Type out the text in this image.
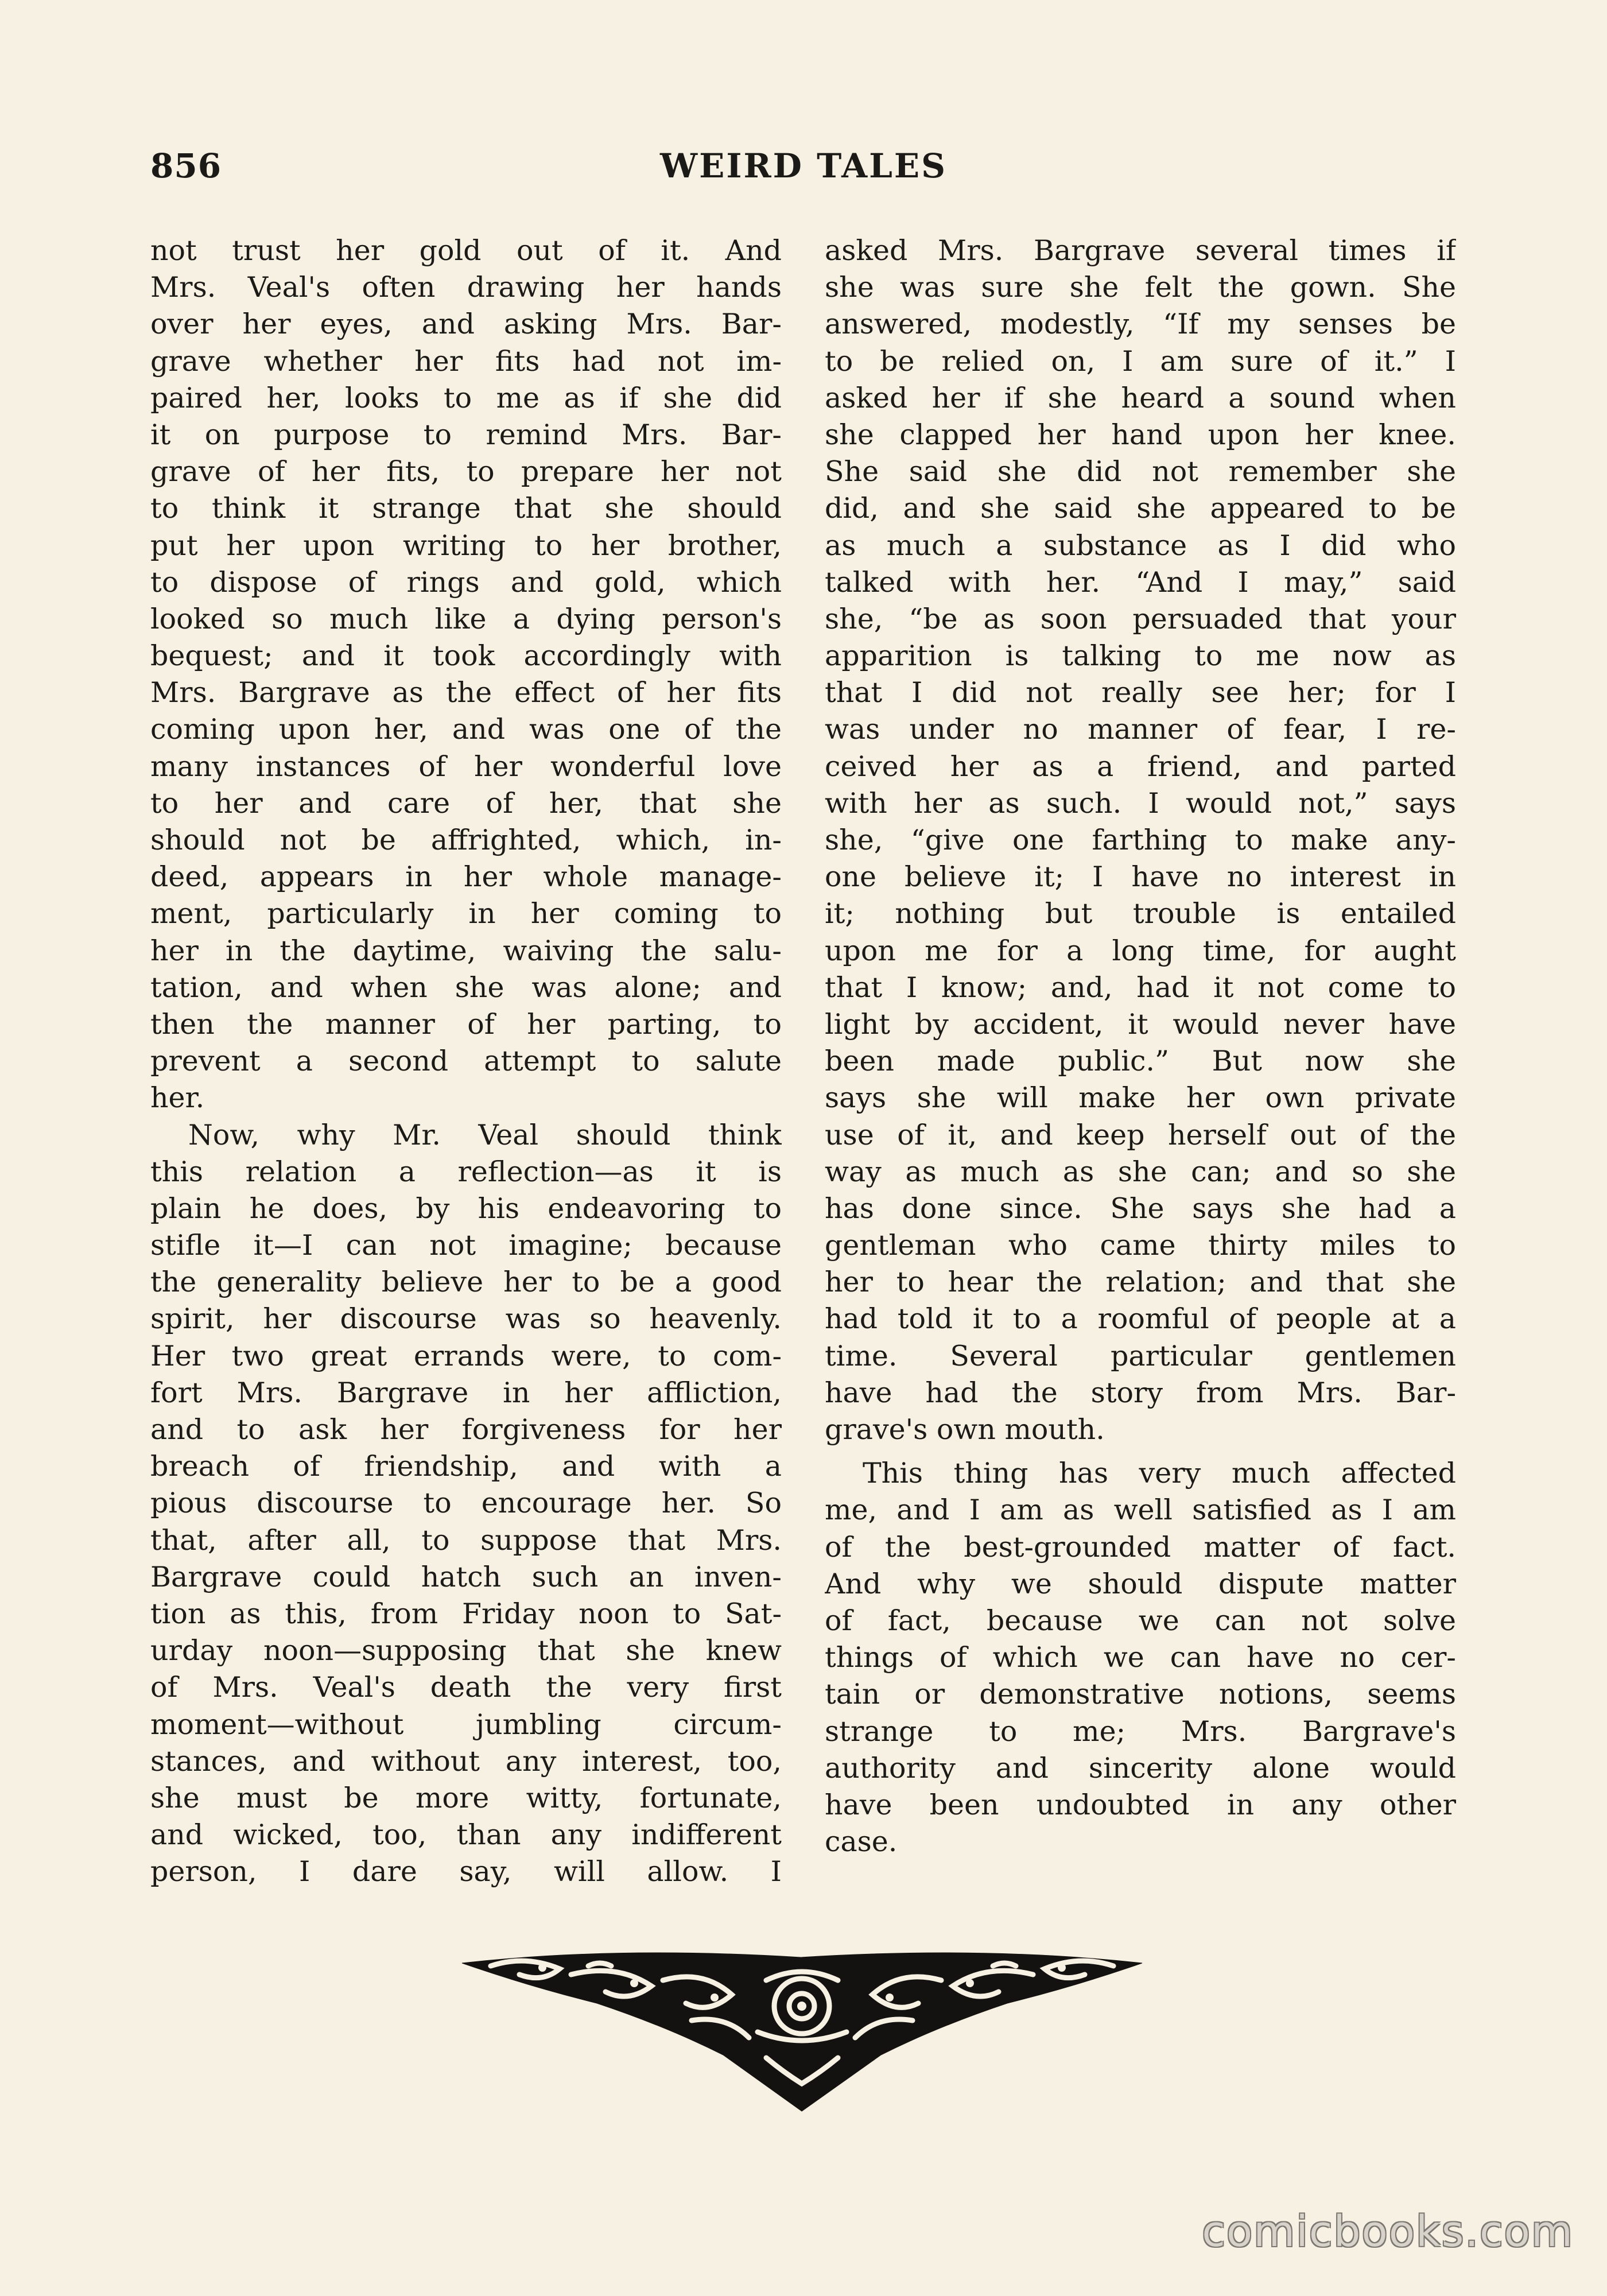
856	WEIRD TALES
not trust her gold out of it. And
Mrs. Veal's often drawing her hands
over her eyes, and asking Mrs. Bar-
grave whether her fits had not im-
paired her, looks to me as if she did
it on purpose to remind Mrs. Bar-
grave of her fits, to prepare her not
to think it strange that she should
put her upon writing to her brother,
to dispose of rings and gold, which
looked so much like a dying person's
bequest; and it took accordingly with
Mrs. Bargrave as the effect of her fits
coming upon her, and was one of the
many instances of her wonderful love
to her and care of her, that she
should not be affrighted, which, in-
deed, appears in her whole manage-
ment, particularly in her coming to
her in the daytime, waiving the salu-
tation, and when she was alone; and
then the manner of her parting, to
prevent a second attempt to salute
her.
Now, why Mr. Veal should think
this relation a reflection—as it is
plain he does, by his endeavoring to
stifle it—I can not imagine; because
the generality believe her to be a good
spirit, her discourse was so heavenly.
Her two great errands were, to com-
fort Mrs. Bargrave in her affliction,
and to ask her forgiveness for her
breach of friendship, and with a
pious discourse to encourage her. So
that, after all, to suppose that Mrs.
Bargrave could hatch such an inven-
tion as this, from Friday noon to Sat-
urday noon—supposing that she knew
of Mrs. Veal's death the very first
moment—without jumbling circum-
stances, and without any interest, too,
she must be more witty, fortunate,
and wicked, too, than any indifferent
person, I dare say, will allow. I
asked Mrs. Bargrave several times if
she was sure she felt the gown. She
answered, modestly, “If my senses be
to be relied on, I am sure of it.” I
asked her if she heard a sound when
she clapped her hand upon her knee.
She said she did not remember she
did, and she said she appeared to be
as much a substance as I did who
talked with her. “And I may,” said
she, “be as soon persuaded that your
apparition is talking to me now as
that I did not really see her; for I
was under no manner of fear, I re-
ceived her as a friend, and parted
with her as such. I would not,” says
she, “give one farthing to make any-
one believe it; I have no interest in
it; nothing but trouble is entailed
upon me for a long time, for aught
that I know; and, had it not come to
light by accident, it would never have
been made public.” But now she
says she will make her own private
use of it, and keep herself out of the
way as much as she can; and so she
has done since. She says she had a
gentleman who came thirty miles to
her to hear the relation; and that she
had told it to a roomful of people at a
time. Several particular gentlemen
have had the story from Mrs. Bar-
grave's own mouth.
This thing has very much affected
me, and I am as well satisfied as I am
of the best-grounded matter of fact.
And why we should dispute matter
of fact, because we can not solve
things of which we can have no cer-
tain or demonstrative notions, seems
strange to me; Mrs. Bargrave's
authority and sincerity alone would
have been undoubted in any other
case.
comicbooks.com
